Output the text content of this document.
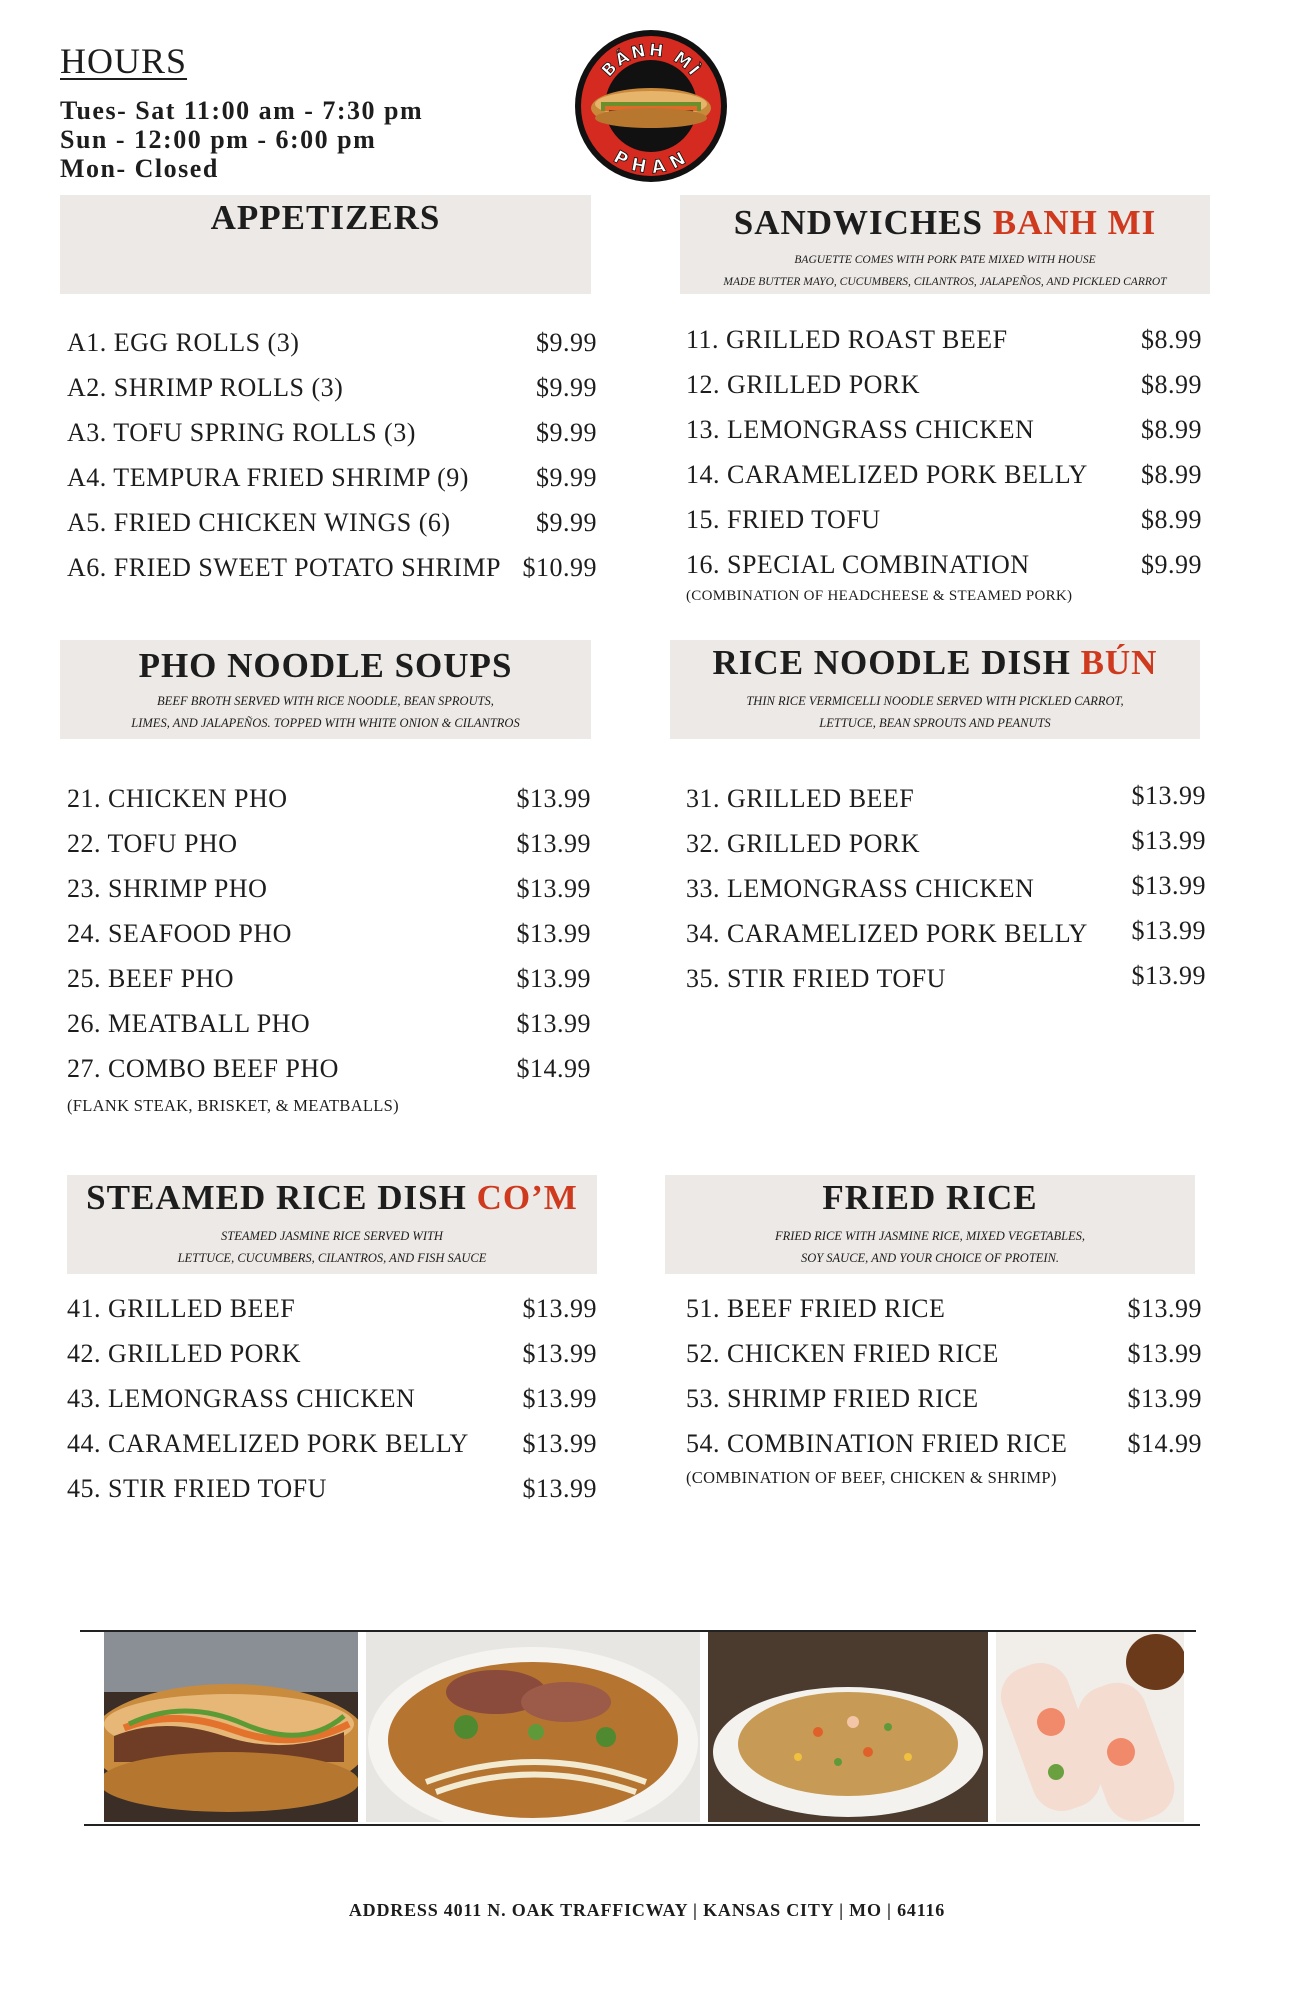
HOURS
Tues- Sat 11:00 am - 7:30 pm
Sun - 12:00 pm - 6:00 pm
Mon- Closed
BÁNH MÌ
PHAN
APPETIZERS
A1. EGG ROLLS (3)	$9.99
A2. SHRIMP ROLLS (3)	$9.99
A3. TOFU SPRING ROLLS (3)	$9.99
A4. TEMPURA FRIED SHRIMP (9)	$9.99
A5. FRIED CHICKEN WINGS (6)	$9.99
A6. FRIED SWEET POTATO SHRIMP $10.99
SANDWICHES BANH MI
BAGUETTE COMES WITH PORK PATE MIXED WITH HOUSE
MADE BUTTER MAYO, CUCUMBERS, CILANTROS, JALAPEÑOS, AND PICKLED CARROT
11. GRILLED ROAST BEEF	$8.99
12. GRILLED PORK	$8.99
13. LEMONGRASS CHICKEN	$8.99
14. CARAMELIZED PORK BELLY $8.99
15. FRIED TOFU	$8.99
16. SPECIAL COMBINATION	$9.99
(COMBINATION OF HEADCHEESE & STEAMED PORK)
PHO NOODLE SOUPS
BEEF BROTH SERVED WITH RICE NOODLE, BEAN SPROUTS,
LIMES, AND JALAPEÑOS. TOPPED WITH WHITE ONION & CILANTROS
21. CHICKEN PHO	$13.99
22. TOFU PHO	$13.99
23. SHRIMP PHO	$13.99
24. SEAFOOD PHO	$13.99
25. BEEF PHO	$13.99
26. MEATBALL PHO	$13.99
27. COMBO BEEF PHO	$14.99
(FLANK STEAK, BRISKET, & MEATBALLS)
RICE NOODLE DISH BÚN
THIN RICE VERMICELLI NOODLE SERVED WITH PICKLED CARROT,
LETTUCE, BEAN SPROUTS AND PEANUTS
31. GRILLED BEEF	$13.99
32. GRILLED PORK	$13.99
33. LEMONGRASS CHICKEN	$13.99
34. CARAMELIZED PORK BELLY $13.99
35. STIR FRIED TOFU	$13.99
STEAMED RICE DISH CO’M
STEAMED JASMINE RICE SERVED WITH
LETTUCE, CUCUMBERS, CILANTROS, AND FISH SAUCE
41. GRILLED BEEF	$13.99
42. GRILLED PORK	$13.99
43. LEMONGRASS CHICKEN	$13.99
44. CARAMELIZED PORK BELLY $13.99
45. STIR FRIED TOFU	$13.99
FRIED RICE
FRIED RICE WITH JASMINE RICE, MIXED VEGETABLES,
SOY SAUCE, AND YOUR CHOICE OF PROTEIN.
51. BEEF FRIED RICE	$13.99
52. CHICKEN FRIED RICE	$13.99
53. SHRIMP FRIED RICE	$13.99
54. COMBINATION FRIED RICE $14.99
(COMBINATION OF BEEF, CHICKEN & SHRIMP)
ADDRESS 4011 N. OAK TRAFFICWAY | KANSAS CITY | MO | 64116
